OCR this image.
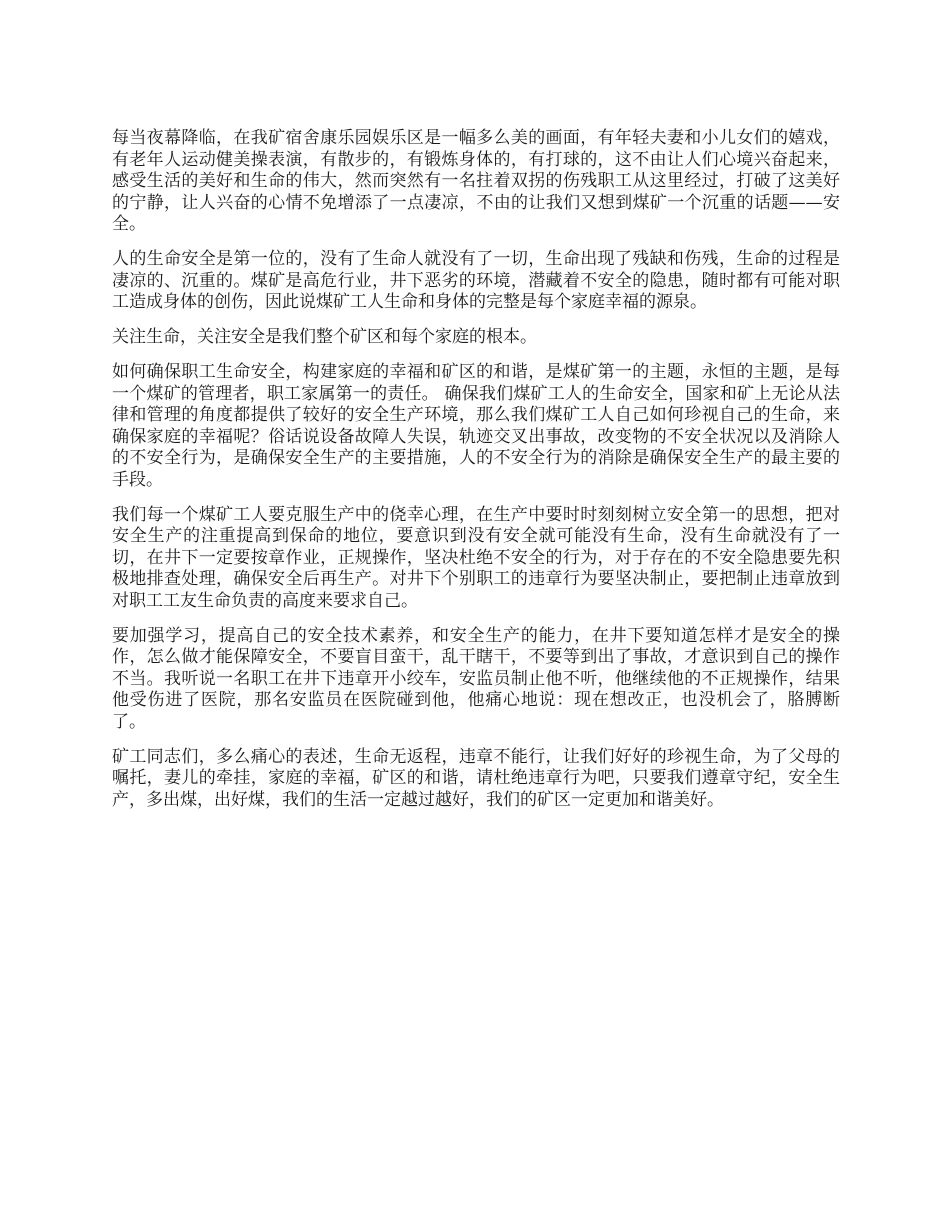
每当夜幕降临，在我矿宿舍康乐园娱乐区是一幅多么美的画面，有年轻夫妻和小儿女们的嬉戏，有老年人运动健美操表演，有散步的，有锻炼身体的，有打球的，这不由让人们心境兴奋起来，感受生活的美好和生命的伟大，然而突然有一名拄着双拐的伤残职工从这里经过，打破了这美好的宁静，让人兴奋的心情不免增添了一点凄凉，不由的让我们又想到煤矿一个沉重的话题——安全。

人的生命安全是第一位的，没有了生命人就没有了一切，生命出现了残缺和伤残，生命的过程是凄凉的、沉重的。煤矿是高危行业，井下恶劣的环境，潜藏着不安全的隐患，随时都有可能对职工造成身体的创伤，因此说煤矿工人生命和身体的完整是每个家庭幸福的源泉。

关注生命，关注安全是我们整个矿区和每个家庭的根本。

如何确保职工生命安全，构建家庭的幸福和矿区的和谐，是煤矿第一的主题，永恒的主题，是每一个煤矿的管理者，职工家属第一的责任。 确保我们煤矿工人的生命安全，国家和矿上无论从法律和管理的角度都提供了较好的安全生产环境，那么我们煤矿工人自己如何珍视自己的生命，来确保家庭的幸福呢？俗话说设备故障人失误，轨迹交叉出事故，改变物的不安全状况以及消除人的不安全行为，是确保安全生产的主要措施，人的不安全行为的消除是确保安全生产的最主要的手段。

我们每一个煤矿工人要克服生产中的侥幸心理，在生产中要时时刻刻树立安全第一的思想，把对安全生产的注重提高到保命的地位，要意识到没有安全就可能没有生命，没有生命就没有了一切，在井下一定要按章作业，正规操作，坚决杜绝不安全的行为，对于存在的不安全隐患要先积极地排查处理，确保安全后再生产。对井下个别职工的违章行为要坚决制止，要把制止违章放到对职工工友生命负责的高度来要求自己。

要加强学习，提高自己的安全技术素养，和安全生产的能力，在井下要知道怎样才是安全的操作，怎么做才能保障安全，不要盲目蛮干，乱干瞎干，不要等到出了事故，才意识到自己的操作不当。我听说一名职工在井下违章开小绞车，安监员制止他不听，他继续他的不正规操作，结果他受伤进了医院，那名安监员在医院碰到他，他痛心地说：现在想改正，也没机会了，胳膊断了。

矿工同志们，多么痛心的表述，生命无返程，违章不能行，让我们好好的珍视生命，为了父母的嘱托，妻儿的牵挂，家庭的幸福，矿区的和谐，请杜绝违章行为吧，只要我们遵章守纪，安全生产，多出煤，出好煤，我们的生活一定越过越好，我们的矿区一定更加和谐美好。
